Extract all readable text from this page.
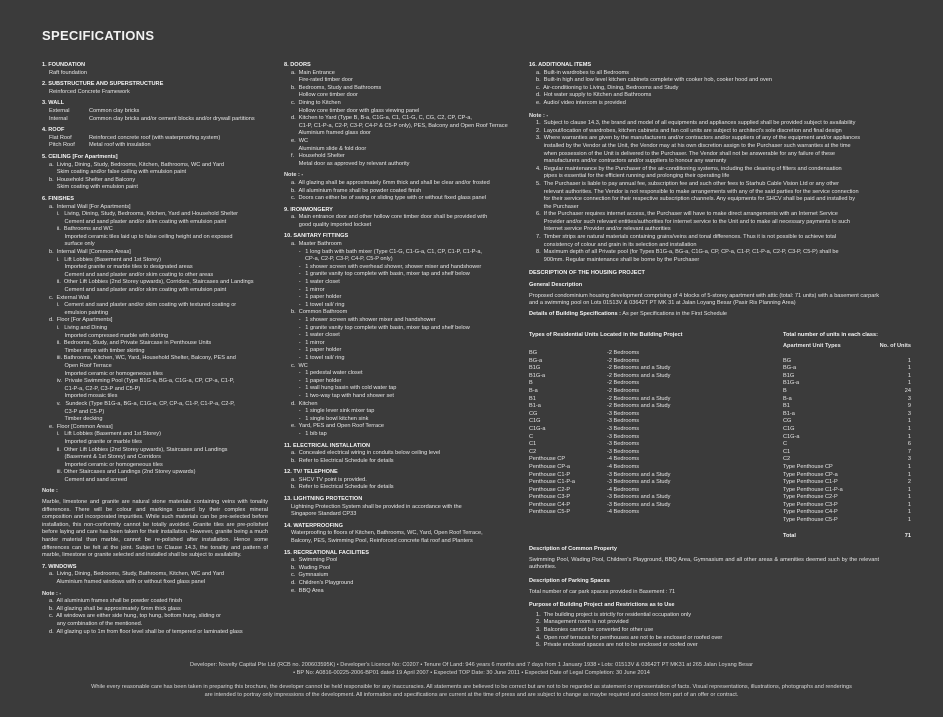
SPECIFICATIONS
1. FOUNDATION
Raft foundation
2. SUBSTRUCTURE AND SUPERSTRUCTURE
Reinforced Concrete Framework
3. WALL
External	Common clay bricks
Internal	Common clay bricks and/or cement blocks and/or drywall partitions
4. ROOF
Flat Roof	Reinforced concrete roof (with waterproofing system)
Pitch Roof	Metal roof with insulation
5. CEILING [For Apartments]
a.  Living, Dining, Study, Bedrooms, Kitchen, Bathrooms, WC and Yard
Skim coating and/or false ceiling with emulsion paint
b.  Household Shelter and Balcony
Skim coating with emulsion paint
6. FINISHES
a.  Internal Wall [For Apartments]
i.   Living, Dining, Study, Bedrooms, Kitchen, Yard and Household Shelter
Cement and sand plaster and/or skim coating with emulsion paint
ii.  Bathrooms and WC
Imported ceramic tiles laid up to false ceiling height and on exposed
surface only
b.  Internal Wall [Common Areas]
i.   Lift Lobbies (Basement and 1st Storey)
Imported granite or marble tiles to designated areas
Cement and sand plaster and/or skim coating to other areas
ii.  Other Lift Lobbies (2nd Storey upwards), Corridors, Staircases and Landings
Cement and sand plaster and/or skim coating with emulsion paint
c.  External Wall
i.   Cement and sand plaster and/or skim coating with textured coating or
emulsion painting
d.  Floor [For Apartments]
i.   Living and Dining
Imported compressed marble with skirting
ii.  Bedrooms, Study, and Private Staircase in Penthouse Units
Timber strips with timber skirting
iii. Bathrooms, Kitchen, WC, Yard, Household Shelter, Balcony, PES and
Open Roof Terrace
Imported ceramic or homogeneous tiles
iv.  Private Swimming Pool (Type B1G-a, BG-a, C1G-a, CP, CP-a, C1-P,
C1-P-a, C2-P, C3-P and C5-P)
Imported mosaic tiles
v.   Sundeck (Type B1G-a, BG-a, C1G-a, CP, CP-a, C1-P, C1-P-a, C2-P,
C3-P and C5-P)
Timber decking
e.  Floor [Common Areas]
i.   Lift Lobbies (Basement and 1st Storey)
Imported granite or marble tiles
ii.  Other Lift Lobbies (2nd Storey upwards), Staircases and Landings
(Basement & 1st Storey) and Corridors
Imported ceramic or homogeneous tiles
iii. Other Staircases and Landings (2nd Storey upwards)
Cement and sand screed
Note :
Marble, limestone and granite are natural stone materials containing veins with tonality differences. There will be colour and markings caused by their complex mineral composition and incorporated impurities. While such materials can be pre-selected before installation, this non-conformity cannot be totally avoided. Granite tiles are pre-polished before laying and care has been taken for their installation. However, granite being a much harder material than marble, cannot be re-polished after installation. Hence some differences can be felt at the joint. Subject to Clause 14.3, the tonality and pattern of marble, limestone or granite selected and installed shall be subject to availability.
7. WINDOWS
a.  Living, Dining, Bedrooms, Study, Bathrooms, Kitchen, WC and Yard
Aluminium framed windows with or without fixed glass panel
Note : -
a.  All aluminium frames shall be powder coated finish
b.  All glazing shall be approximately 6mm thick glass
c.  All windows are either side hung, top hung, bottom hung, sliding or
any combination of the mentioned.
d.  All glazing up to 1m from floor level shall be of tempered or laminated glass
8. DOORS
a.  Main Entrance
Fire-rated timber door
b.  Bedrooms, Study and Bathrooms
Hollow core timber door
c.  Dining to Kitchen
Hollow core timber door with glass viewing panel
d.  Kitchen to Yard (Type B, B-a, C1G-a, C1, C1-G, C, CG, C2, CP, CP-a,
C1-P, C1-P-a, C2-P, C3-P, C4-P & C5-P only), PES, Balcony and Open Roof Terrace
Aluminium framed glass door
e.  WC
Aluminium slide & fold door
f.   Household Shelter
Metal door as approved by relevant authority
Note : -
a.  All glazing shall be approximately 6mm thick and shall be clear and/or frosted
b.  All aluminium frame shall be powder coated finish
c.  Doors can either be of swing or sliding type with or without fixed glass panel
9. IRONMONGERY
a.  Main entrance door and other hollow core timber door shall be provided with
good quality imported lockset
10. SANITARY FITTINGS
a.  Master Bathroom
-   1 long bath with bath mixer (Type C1-G, C1-G-a, C1, CP, C1-P, C1-P-a,
CP-a, C2-P, C3-P, C4-P, C5-P only)
-   1 shower screen with overhead shower, shower mixer and handshower
-   1 granite vanity top complete with basin, mixer tap and shelf below
-   1 water closet
-   1 mirror
-   1 paper holder
-   1 towel rail/ ring
b.  Common Bathroom
-   1 shower screen with shower mixer and handshower
-   1 granite vanity top complete with basin, mixer tap and shelf below
-   1 water closet
-   1 mirror
-   1 paper holder
-   1 towel rail/ ring
c.  WC
-   1 pedestal water closet
-   1 paper holder
-   1 wall hung basin with cold water tap
-   1 two-way tap with hand shower set
d.  Kitchen
-   1 single lever sink mixer tap
-   1 single bowl kitchen sink
e.  Yard, PES and Open Roof Terrace
-   1 bib tap
11. ELECTRICAL INSTALLATION
a.  Concealed electrical wiring in conduits below ceiling level
b.  Refer to Electrical Schedule for details
12. TV/ TELEPHONE
a.  SHCV TV point is provided.
b.  Refer to Electrical Schedule for details
13. LIGHTNING PROTECTION
Lightning Protection System shall be provided in accordance with the
Singapore Standard CP33
14. WATERPROOFING
Waterproofing to floors of Kitchen, Bathrooms, WC, Yard, Open Roof Terrace,
Balcony, PES, Swimming Pool, Reinforced concrete flat roof and Planters
15. RECREATIONAL FACILITIES
a.  Swimming Pool
b.  Wading Pool
c.  Gymnasium
d.  Children's Playground
e.  BBQ Area
16. ADDITIONAL ITEMS
a.  Built-in wardrobes to all Bedrooms
b.  Built-in high and low level kitchen cabinets complete with cooker hob, cooker hood and oven
c.  Air-conditioning to Living, Dining, Bedrooms and Study
d.  Hot water supply to Kitchen and Bathrooms
e.  Audio/ video intercom is provided
Note : -
1.  Subject to clause 14.3, the brand and model of all equipments and appliances supplied shall be provided subject to availability
2.  Layout/location of wardrobes, kitchen cabinets and fan coil units are subject to architect's sole discretion and final design
3.  Where warranties are given by the manufacturers and/or contractors and/or suppliers of any of the equipment and/or appliances
installed by the Vendor at the Unit, the Vendor may at his own discretion assign to the Purchaser such warranties at the time
when possession of the Unit is delivered to the Purchaser. The Vendor shall not be answerable for any failure of these
manufacturers and/or contractors and/or suppliers to honour any warranty
4.  Regular maintenance by the Purchaser of the air-conditioning systems, including the cleaning of filters and condensation
pipes is essential for the efficient running and prolonging their operating life
5.  The Purchaser is liable to pay annual fee, subscription fee and such other fees to Starhub Cable Vision Ltd or any other
relevant authorities. The Vendor is not responsible to make arrangements with any of the said parties for the service connection
for their service connection for their respective subscription channels. Any equipments for SHCV shall be paid and installed by
the Purchaser
6.  If the Purchaser requires internet access, the Purchaser will have to make direct arrangements with an Internet Service
Provider and/or such relevant entities/authorities for internet service to the Unit and to make all necessary payments to such
Internet service Provider and/or relevant authorities
7.  Timber strips are natural materials containing grains/veins and tonal differences. Thus it is not possible to achieve total
consistency of colour and grain in its selection and installation
8.  Maximum depth of all Private pool (for Types B1G-a, BG-a, C1G-a, CP, CP-a, C1-P, C1-P-a, C2-P, C3-P, C5-P) shall be
900mm. Regular maintenance shall be borne by the Purchaser
DESCRIPTION OF THE HOUSING PROJECT
General Description
Proposed condominium housing development comprising of 4 blocks of 5-storey apartment with attic (total: 71 units) with a basement carpark and a swimming pool on Lots 01513V & 03642T PT MK 31 at Jalan Loyang Besar (Pasir Ris Planning Area)
Details of Building Specifications : As per Specifications in the First Schedule
Types of Residential Units Located in the Building Project
BG	-2 Bedrooms
BG-a	-2 Bedrooms
B1G	-2 Bedrooms and a Study
B1G-a	-2 Bedrooms and a Study
B	-2 Bedrooms
B-a	-2 Bedrooms
B1	-2 Bedrooms and a Study
B1-a	-2 Bedrooms and a Study
CG	-3 Bedrooms
C1G	-3 Bedrooms
C1G-a	-3 Bedrooms
C	-3 Bedrooms
C1	-3 Bedrooms
C2	-3 Bedrooms
Penthouse CP	-4 Bedrooms
Penthouse CP-a	-4 Bedrooms
Penthouse C1-P	-3 Bedrooms and a Study
Penthouse C1-P-a	-3 Bedrooms and a Study
Penthouse C2-P	-4 Bedrooms
Penthouse C3-P	-3 Bedrooms and a Study
Penthouse C4-P	-3 Bedrooms and a Study
Penthouse C5-P	-4 Bedrooms
Total number of units in each class:
Apartment Unit Types	No. of Units
BG	1
BG-a	1
B1G	1
B1G-a	1
B	24
B-a	3
B1	9
B1-a	3
CG	1
C1G	1
C1G-a	1
C	6
C1	7
C2	3
Type Penthouse CP	1
Type Penthouse CP-a	1
Type Penthouse C1-P	2
Type Penthouse C1-P-a	1
Type Penthouse C2-P	1
Type Penthouse C3-P	1
Type Penthouse C4-P	1
Type Penthouse C5-P	1
Total	71
Description of Common Property
Swimming Pool, Wading Pool, Children's Playground, BBQ Area, Gymnasium and all other areas & amenities deemed such by the relevant authorities.
Description of Parking Spaces
Total number of car park spaces provided in Basement : 71
Purpose of Building Project and Restrictions as to Use
1.  The building project is strictly for residential occupation only
2.  Management room is not provided
3.  Balconies cannot be converted for other use
4.  Open roof terraces for penthouses are not to be enclosed or roofed over
5.  Private enclosed spaces are not to be enclosed or roofed over
Developer: Novelty Capital Pte Ltd (RCB no. 200603595K) • Developer's Licence No: C0207 • Tenure Of Land: 946 years 6 months and 7 days from 1 January 1938 • Lots: 01513V & 03642T PT MK31 at 265 Jalan Loyang Besar
• BP No: A0816-00225-2006-BP01 dated 19 April 2007 • Expected TOP Date: 30 June 2011 • Expected Date of Legal Completion: 30 June 2014
While every reasonable care has been taken in preparing this brochure, the developer cannot be held responsible for any inaccuracies. All statements are believed to be correct but are not to be regarded as statement or representation of facts. Visual representations, illustrations, photographs and renderings
are intended to portray only impressions of the development. All information and specifications are current at the time of press and are subject to change as maybe required and cannot form part of an offer or contract.
